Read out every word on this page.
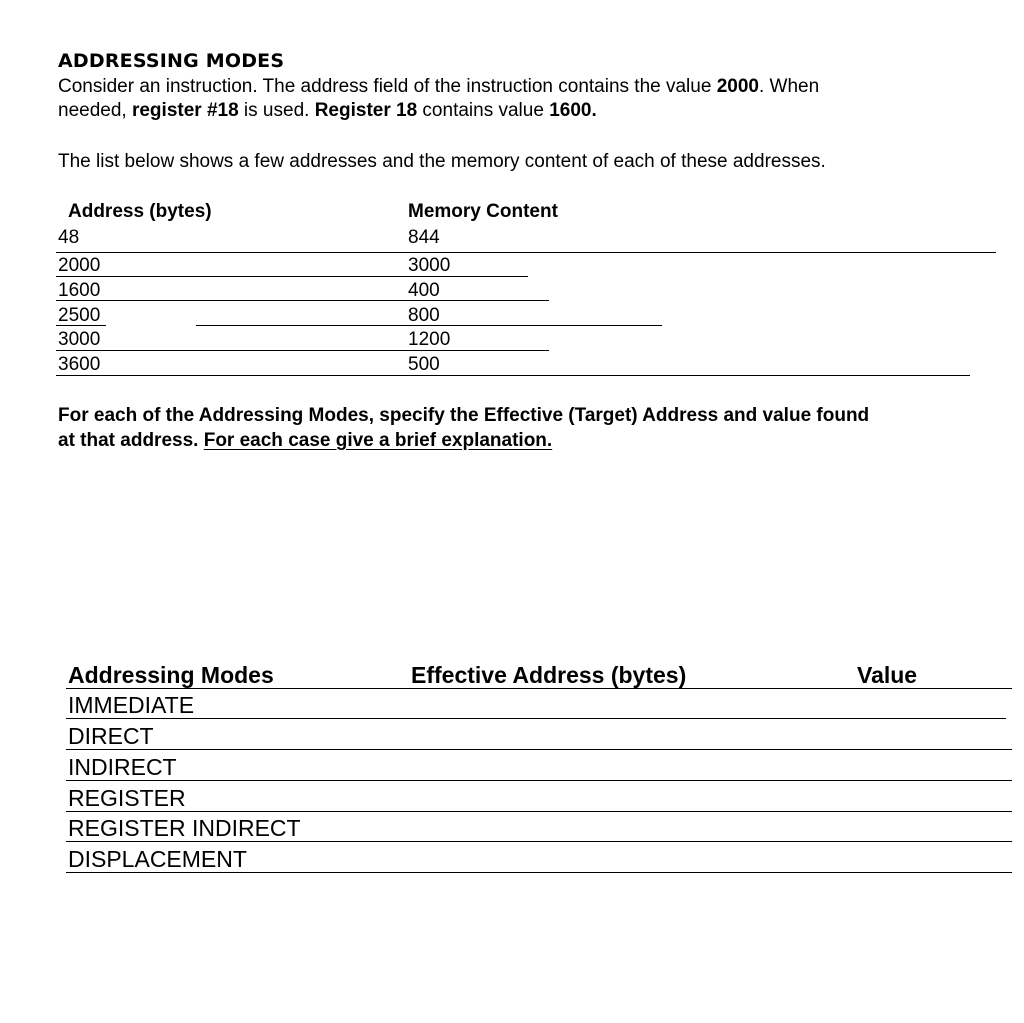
ADDRESSING MODES
Consider an instruction. The address field of the instruction contains the value 2000. When
needed, register #18 is used. Register 18 contains value 1600.
The list below shows a few addresses and the memory content of each of these addresses.
Address (bytes)	Memory Content
48	844
2000	3000
1600	400
2500	800
3000	1200
3600	500
For each of the Addressing Modes, specify the Effective (Target) Address and value found
at that address. For each case give a brief explanation.
Addressing Modes	Effective Address (bytes)	Value
IMMEDIATE
DIRECT
INDIRECT
REGISTER
REGISTER INDIRECT
DISPLACEMENT
